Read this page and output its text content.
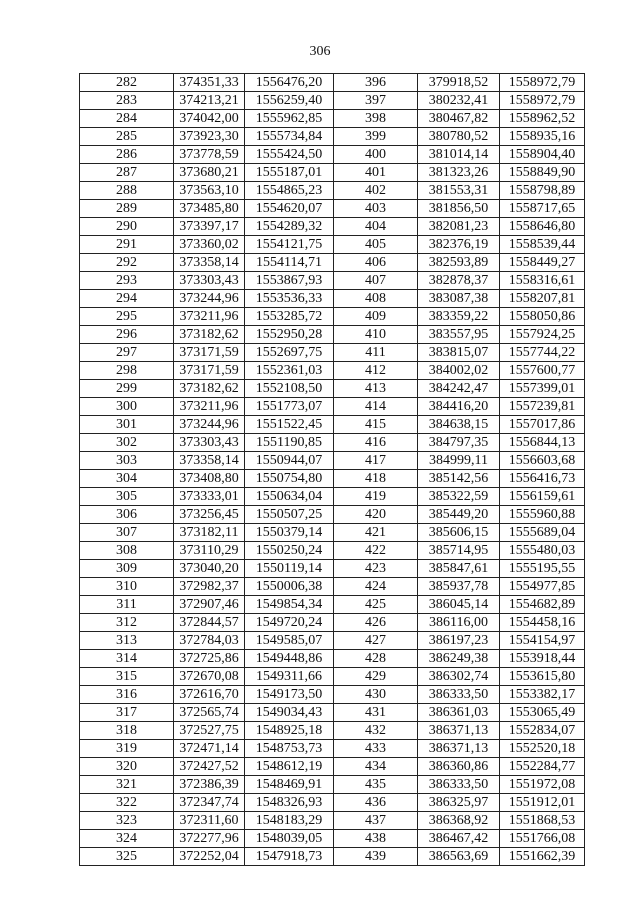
306
282	374351,33	1556476,20	396	379918,52	1558972,79
283	374213,21	1556259,40	397	380232,41	1558972,79
284	374042,00	1555962,85	398	380467,82	1558962,52
285	373923,30	1555734,84	399	380780,52	1558935,16
286	373778,59	1555424,50	400	381014,14	1558904,40
287	373680,21	1555187,01	401	381323,26	1558849,90
288	373563,10	1554865,23	402	381553,31	1558798,89
289	373485,80	1554620,07	403	381856,50	1558717,65
290	373397,17	1554289,32	404	382081,23	1558646,80
291	373360,02	1554121,75	405	382376,19	1558539,44
292	373358,14	1554114,71	406	382593,89	1558449,27
293	373303,43	1553867,93	407	382878,37	1558316,61
294	373244,96	1553536,33	408	383087,38	1558207,81
295	373211,96	1553285,72	409	383359,22	1558050,86
296	373182,62	1552950,28	410	383557,95	1557924,25
297	373171,59	1552697,75	411	383815,07	1557744,22
298	373171,59	1552361,03	412	384002,02	1557600,77
299	373182,62	1552108,50	413	384242,47	1557399,01
300	373211,96	1551773,07	414	384416,20	1557239,81
301	373244,96	1551522,45	415	384638,15	1557017,86
302	373303,43	1551190,85	416	384797,35	1556844,13
303	373358,14	1550944,07	417	384999,11	1556603,68
304	373408,80	1550754,80	418	385142,56	1556416,73
305	373333,01	1550634,04	419	385322,59	1556159,61
306	373256,45	1550507,25	420	385449,20	1555960,88
307	373182,11	1550379,14	421	385606,15	1555689,04
308	373110,29	1550250,24	422	385714,95	1555480,03
309	373040,20	1550119,14	423	385847,61	1555195,55
310	372982,37	1550006,38	424	385937,78	1554977,85
311	372907,46	1549854,34	425	386045,14	1554682,89
312	372844,57	1549720,24	426	386116,00	1554458,16
313	372784,03	1549585,07	427	386197,23	1554154,97
314	372725,86	1549448,86	428	386249,38	1553918,44
315	372670,08	1549311,66	429	386302,74	1553615,80
316	372616,70	1549173,50	430	386333,50	1553382,17
317	372565,74	1549034,43	431	386361,03	1553065,49
318	372527,75	1548925,18	432	386371,13	1552834,07
319	372471,14	1548753,73	433	386371,13	1552520,18
320	372427,52	1548612,19	434	386360,86	1552284,77
321	372386,39	1548469,91	435	386333,50	1551972,08
322	372347,74	1548326,93	436	386325,97	1551912,01
323	372311,60	1548183,29	437	386368,92	1551868,53
324	372277,96	1548039,05	438	386467,42	1551766,08
325	372252,04	1547918,73	439	386563,69	1551662,39
